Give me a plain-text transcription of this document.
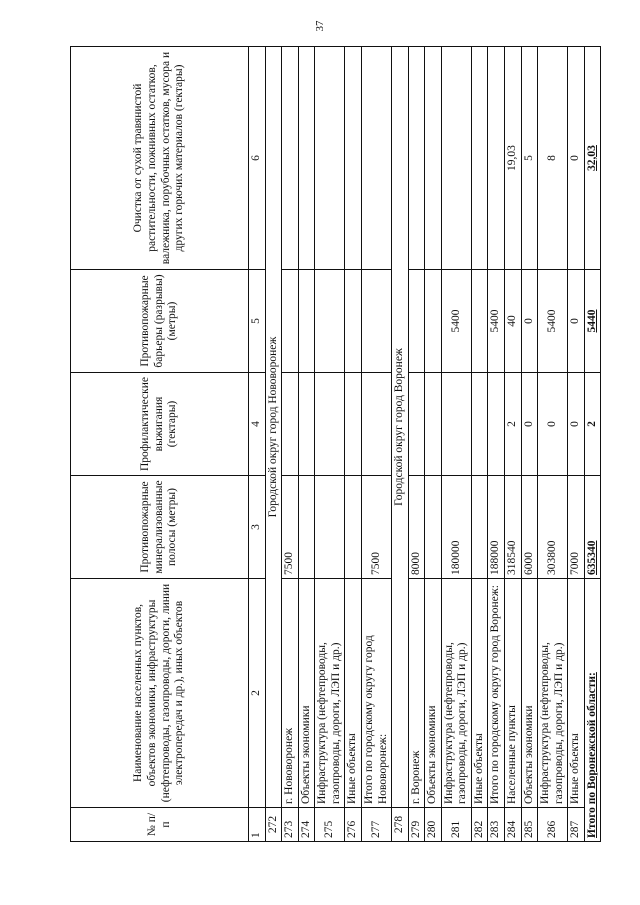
37
№ п/п	Наименование населенных пунктов, объектов экономики, инфраструктуры (нефтепроводы, газопроводы, дороги, линии электропередач и др.), иных объектов	Противопожарные минерализованные полосы (метры)	Профилактические выжигания (гектары)	Противопожарные барьеры (разрывы) (метры)	Очистка от сухой травянистой растительности, пожнивных остатков, валежника, порубочных остатков, мусора и других горючих материалов (гектары)
1	2	3	4	5	6
272	Городской округ город Нововоронеж				
273	г. Нововоронеж	7500			
274	Объекты экономики				
275	Инфраструктура (нефтепроводы, газопроводы, дороги, ЛЭП и др.)				
276	Иные объекты				
277	Итого по городскому округу город Нововоронеж:	7500			
278	Городской округ город Воронеж				
279	г. Воронеж	8000			
280	Объекты экономики				
281	Инфраструктура (нефтепроводы, газопроводы, дороги, ЛЭП и др.)	180000		5400	
282	Иные объекты				
283	Итого по городскому округу город Воронеж:	188000		5400	
284	Населенные пункты	318540	2	40	19,03
285	Объекты экономики	6000	0	0	5
286	Инфраструктура (нефтепроводы, газопроводы, дороги, ЛЭП и др.)	303800	0	5400	8
287	Иные объекты	7000	0	0	0
Итого по Воронежской области:		635340	2	5440	32,03
